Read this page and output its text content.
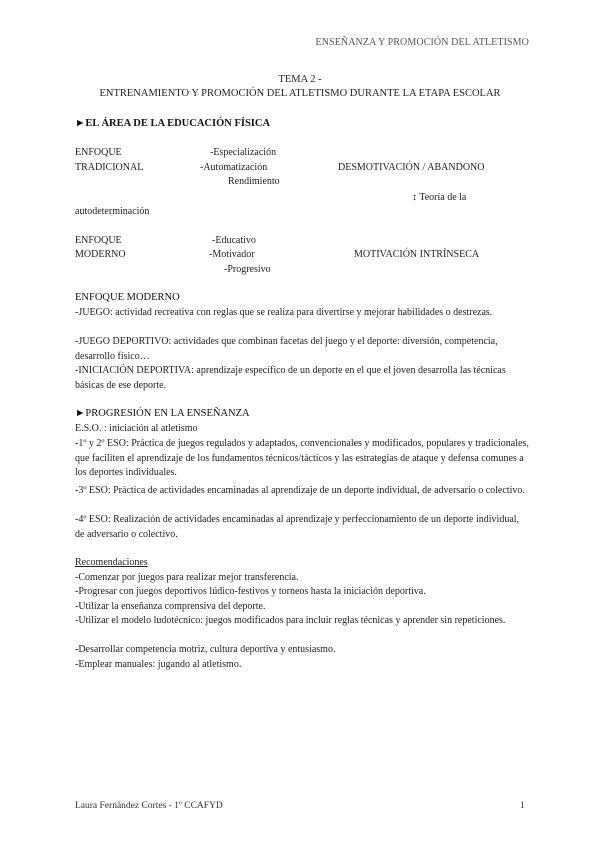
ENSEÑANZA Y PROMOCIÓN DEL ATLETISMO
TEMA 2 -
ENTRENAMIENTO Y PROMOCIÓN DEL ATLETISMO DURANTE LA ETAPA ESCOLAR
►EL ÁREA DE LA EDUCACIÓN FÍSICA
ENFOQUE
TRADICIONAL
-Especialización
-Automatización
Rendimiento
DESMOTIVACIÓN / ABANDONO
↕ Teoría de la
autodeterminación
ENFOQUE
MODERNO
-Educativo
-Motivador
-Progresivo
MOTIVACIÓN INTRÍNSECA
ENFOQUE MODERNO
-JUEGO: actividad recreativa con reglas que se realiza para divertirse y mejorar habilidades o destrezas.
-JUEGO DEPORTIVO: actividades que combinan facetas del juego y el deporte: diversión, competencia, desarrollo físico…
-INICIACIÓN DEPORTIVA: aprendizaje específico de un deporte en el que el joven desarrolla las técnicas básicas de ese deporte.
►PROGRESIÓN EN LA ENSEÑANZA
E.S.O. : iniciación al atletismo
-1º y 2º ESO: Práctica de juegos regulados y adaptados, convencionales y modificados, populares y tradicionales, que faciliten el aprendizaje de los fundamentos técnicos/tácticos y las estrategias de ataque y defensa comunes a los deportes individuales.
-3º ESO: Práctica de actividades encaminadas al aprendizaje de un deporte individual, de adversario o colectivo.
-4º ESO: Realización de actividades encaminadas al aprendizaje y perfeccionamiento de un deporte individual, de adversario o colectivo.
Recomendaciones
-Comenzar por juegos para realizar mejor transferencia.
-Progresar con juegos deportivos lúdico-festivos y torneos hasta la iniciación deportiva.
-Utilizar la enseñanza comprensiva del deporte.
-Utilizar el modelo ludotécnico: juegos modificados para incluir reglas técnicas y aprender sin repeticiones.
-Desarrollar competencia motriz, cultura deportiva y entusiasmo.
-Emplear manuales: jugando al atletismo.
Laura Fernández Cortes - 1º CCAFYD	1
